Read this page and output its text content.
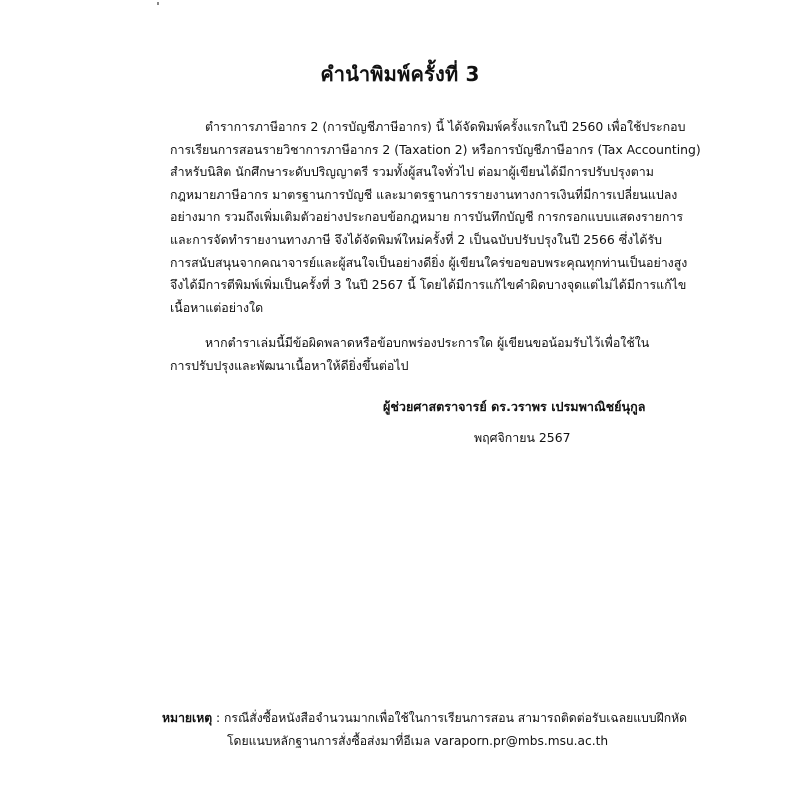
คำนำพิมพ์ครั้งที่ 3
ตำราการภาษีอากร 2 (การบัญชีภาษีอากร) นี้ ได้จัดพิมพ์ครั้งแรกในปี 2560 เพื่อใช้ประกอบ
การเรียนการสอนรายวิชาการภาษีอากร 2 (Taxation 2) หรือการบัญชีภาษีอากร (Tax Accounting)
สำหรับนิสิต นักศึกษาระดับปริญญาตรี รวมทั้งผู้สนใจทั่วไป ต่อมาผู้เขียนได้มีการปรับปรุงตาม
กฎหมายภาษีอากร มาตรฐานการบัญชี และมาตรฐานการรายงานทางการเงินที่มีการเปลี่ยนแปลง
อย่างมาก รวมถึงเพิ่มเติมตัวอย่างประกอบข้อกฎหมาย การบันทึกบัญชี การกรอกแบบแสดงรายการ
และการจัดทำรายงานทางภาษี จึงได้จัดพิมพ์ใหม่ครั้งที่ 2 เป็นฉบับปรับปรุงในปี 2566 ซึ่งได้รับ
การสนับสนุนจากคณาจารย์และผู้สนใจเป็นอย่างดียิ่ง ผู้เขียนใคร่ขอขอบพระคุณทุกท่านเป็นอย่างสูง
จึงได้มีการตีพิมพ์เพิ่มเป็นครั้งที่ 3 ในปี 2567 นี้ โดยได้มีการแก้ไขคำผิดบางจุดแต่ไม่ได้มีการแก้ไข
เนื้อหาแต่อย่างใด
หากตำราเล่มนี้มีข้อผิดพลาดหรือข้อบกพร่องประการใด ผู้เขียนขอน้อมรับไว้เพื่อใช้ใน
การปรับปรุงและพัฒนาเนื้อหาให้ดียิ่งขึ้นต่อไป
ผู้ช่วยศาสตราจารย์ ดร.วราพร เปรมพาณิชย์นุกูล
พฤศจิกายน 2567
หมายเหตุ : กรณีสั่งซื้อหนังสือจำนวนมากเพื่อใช้ในการเรียนการสอน สามารถติดต่อรับเฉลยแบบฝึกหัด
โดยแนบหลักฐานการสั่งซื้อส่งมาที่อีเมล varaporn.pr@mbs.msu.ac.th
